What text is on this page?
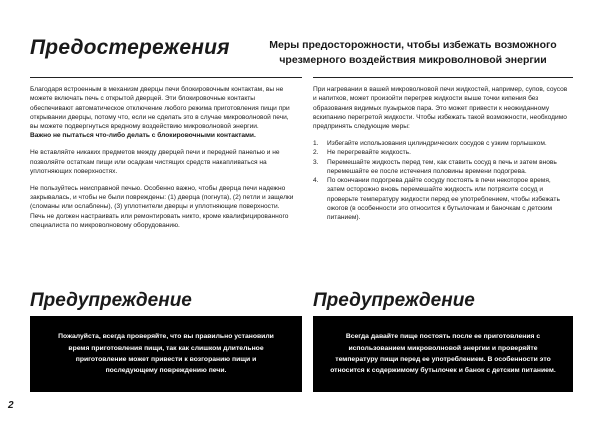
Предостережения	Меры предосторожности, чтобы избежать возможного чрезмерного воздействия микроволновой энергии

Благодаря встроенным в механизм дверцы печи блокировочным контактам, вы не можете включать печь с открытой дверцей. Эти блокировочные контакты обеспечивают автоматическое отключение любого режима приготовления пищи при открывании дверцы, потому что, если не сделать это в случае микроволновой печи, вы можете подвергнуться вредному воздействию микроволновой энергии.

Важно не пытаться что-либо делать с блокировочными контактами.

Не вставляйте никаких предметов между дверцей печи и передней панелью и не позволяйте остаткам пищи или осадкам чистящих средств накапливаться на уплотняющих поверхностях.

Не пользуйтесь неисправной печью. Особенно важно, чтобы дверца печи надежно закрывалась, и чтобы не были повреждены: (1) дверца (погнута), (2) петли и защелки (сломаны или ослаблены), (3) уплотнители дверцы и уплотняющие поверхности.

Печь не должен настраивать или ремонтировать никто, кроме квалифицированного специалиста по микроволновому оборудованию.

При нагревании в вашей микроволновой печи жидкостей, например, супов, соусов и напитков, может произойти перегрев жидкости выше точки кипения без образования видимых пузырьков пара. Это может привести к неожиданному вскипанию перегретой жидкости. Чтобы избежать такой возможности, необходимо предпринять следующие меры:

1. Избегайте использования цилиндрических сосудов с узким горлышком.
2. Не перегревайте жидкость.
3. Перемешайте жидкость перед тем, как ставить сосуд в печь и затем вновь перемешайте ее после истечения половины времени подогрева.
4. По окончании подогрева дайте сосуду постоять в печи некоторое время, затем осторожно вновь перемешайте жидкость или потрясите сосуд и проверьте температуру жидкости перед ее употреблением, чтобы избежать ожогов (в особенности это относится к бутылочкам и баночкам с детским питанием).
Предупреждение
Пожалуйста, всегда проверяйте, что вы правильно установили время приготовления пищи, так как слишком длительное приготовление может привести к возгоранию пищи и последующему повреждению печи.
Предупреждение
Всегда давайте пище постоять после ее приготовления с использованием микроволновой энергии и проверяйте температуру пищи перед ее употреблением. В особенности это относится к содержимому бутылочек и банок с детским питанием.
2
